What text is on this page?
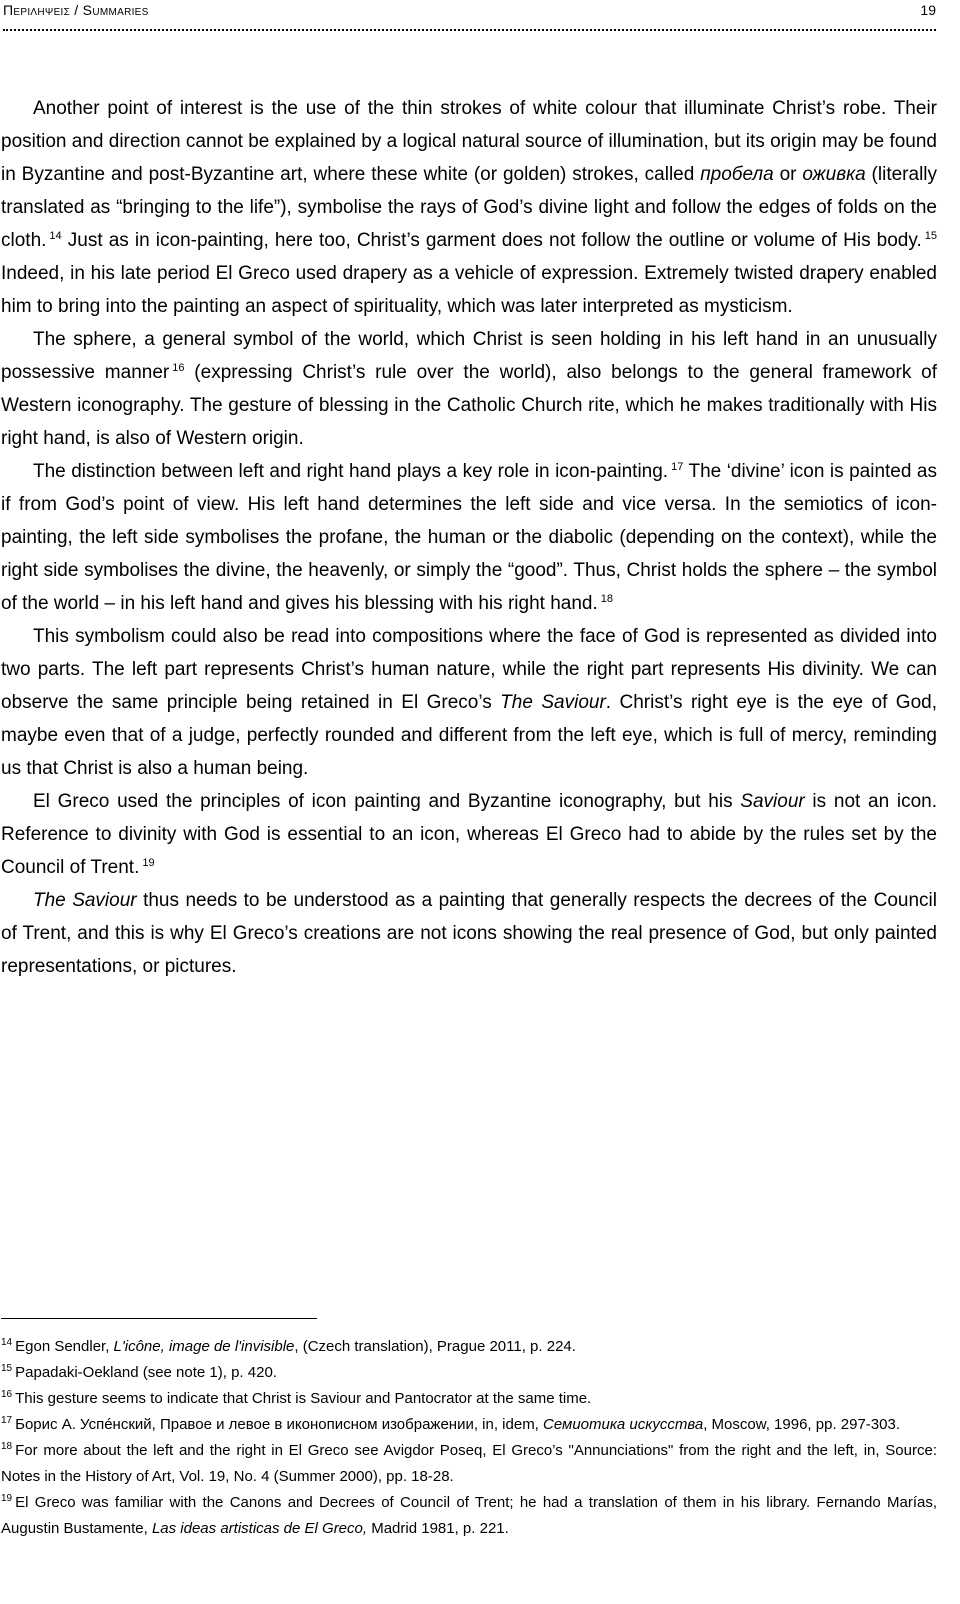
Περιληψεις / Summaries	19

Another point of interest is the use of the thin strokes of white colour that illuminate Christ’s robe. Their position and direction cannot be explained by a logical natural source of illumination, but its origin may be found in Byzantine and post-Byzantine art, where these white (or golden) strokes, called пробела or оживка (literally translated as “bringing to the life”), symbolise the rays of God’s divine light and follow the edges of folds on the cloth. $^{14}$ Just as in icon-painting, here too, Christ’s garment does not follow the outline or volume of His body. $^{15}$ Indeed, in his late period El Greco used drapery as a vehicle of expression. Extremely twisted drapery enabled him to bring into the painting an aspect of spirituality, which was later interpreted as mysticism.

The sphere, a general symbol of the world, which Christ is seen holding in his left hand in an unusually possessive manner $^{16}$ (expressing Christ’s rule over the world), also belongs to the general framework of Western iconography. The gesture of blessing in the Catholic Church rite, which he makes traditionally with His right hand, is also of Western origin.

The distinction between left and right hand plays a key role in icon-painting. $^{17}$ The ‘divine’ icon is painted as if from God’s point of view. His left hand determines the left side and vice versa. In the semiotics of icon-painting, the left side symbolises the profane, the human or the diabolic (depending on the context), while the right side symbolises the divine, the heavenly, or simply the “good”. Thus, Christ holds the sphere – the symbol of the world – in his left hand and gives his blessing with his right hand. $^{18}$

This symbolism could also be read into compositions where the face of God is represented as divided into two parts. The left part represents Christ’s human nature, while the right part represents His divinity. We can observe the same principle being retained in El Greco’s The Saviour. Christ’s right eye is the eye of God, maybe even that of a judge, perfectly rounded and different from the left eye, which is full of mercy, reminding us that Christ is also a human being.

El Greco used the principles of icon painting and Byzantine iconography, but his Saviour is not an icon. Reference to divinity with God is essential to an icon, whereas El Greco had to abide by the rules set by the Council of Trent. $^{19}$

The Saviour thus needs to be understood as a painting that generally respects the decrees of the Council of Trent, and this is why El Greco’s creations are not icons showing the real presence of God, but only painted representations, or pictures.

$^{14}$ Egon Sendler, L'icône, image de l'invisible, (Czech translation), Prague 2011, p. 224.

$^{15}$ Papadaki-Oekland (see note 1), p. 420.

$^{16}$ This gesture seems to indicate that Christ is Saviour and Pantocrator at the same time.

$^{17}$ Борис А. Успéнский, Правое и левое в иконописном изображении, in, idem, Семиотика искусства, Moscow, 1996, pp. 297-303.

$^{18}$ For more about the left and the right in El Greco see Avigdor Poseq, El Greco’s "Annunciations" from the right and the left, in, Source: Notes in the History of Art, Vol. 19, No. 4 (Summer 2000), pp. 18-28.

$^{19}$ El Greco was familiar with the Canons and Decrees of Council of Trent; he had a translation of them in his library. Fernando Marías, Augustin Bustamente, Las ideas artisticas de El Greco, Madrid 1981, p. 221.
